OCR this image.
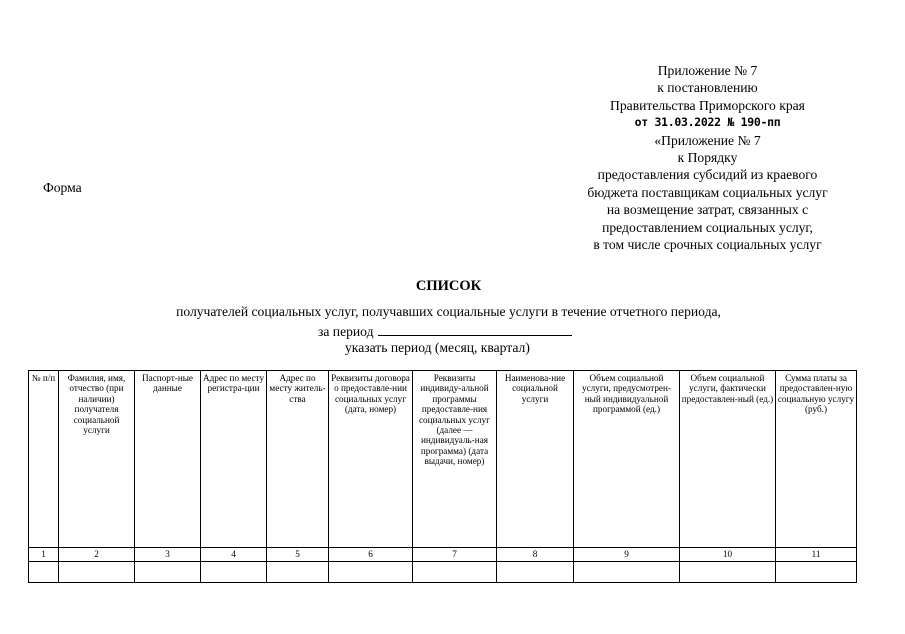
Приложение № 7
к постановлению
Правительства Приморского края
от 31.03.2022 № 190-пп
«Приложение № 7
к Порядку
предоставления субсидий из краевого
бюджета поставщикам социальных услуг
на возмещение затрат, связанных с
предоставлением социальных услуг,
в том числе срочных социальных услуг
Форма
СПИСОК
получателей социальных услуг, получавших социальные услуги в течение отчетного периода,
за период
указать период (месяц, квартал)
№ п/п	Фамилия, имя, отчество (при наличии) получателя социальной услуги	Паспорт-ные данные	Адрес по месту регистра-ции	Адрес по месту житель-ства	Реквизиты договора о предоставле-нии социальных услуг (дата, номер)	Реквизиты индивиду-альной программы предоставле-ния социальных услуг (далее — индивидуаль-ная программа) (дата выдачи, номер)	Наименова-ние социальной услуги	Объем социальной услуги, предусмотрен-ный индивидуальной программой (ед.)	Объем социальной услуги, фактически предоставлен-ный (ед.)	Сумма платы за предоставлен-ную социальную услугу (руб.)
1	2	3	4	5	6	7	8	9	10	11
